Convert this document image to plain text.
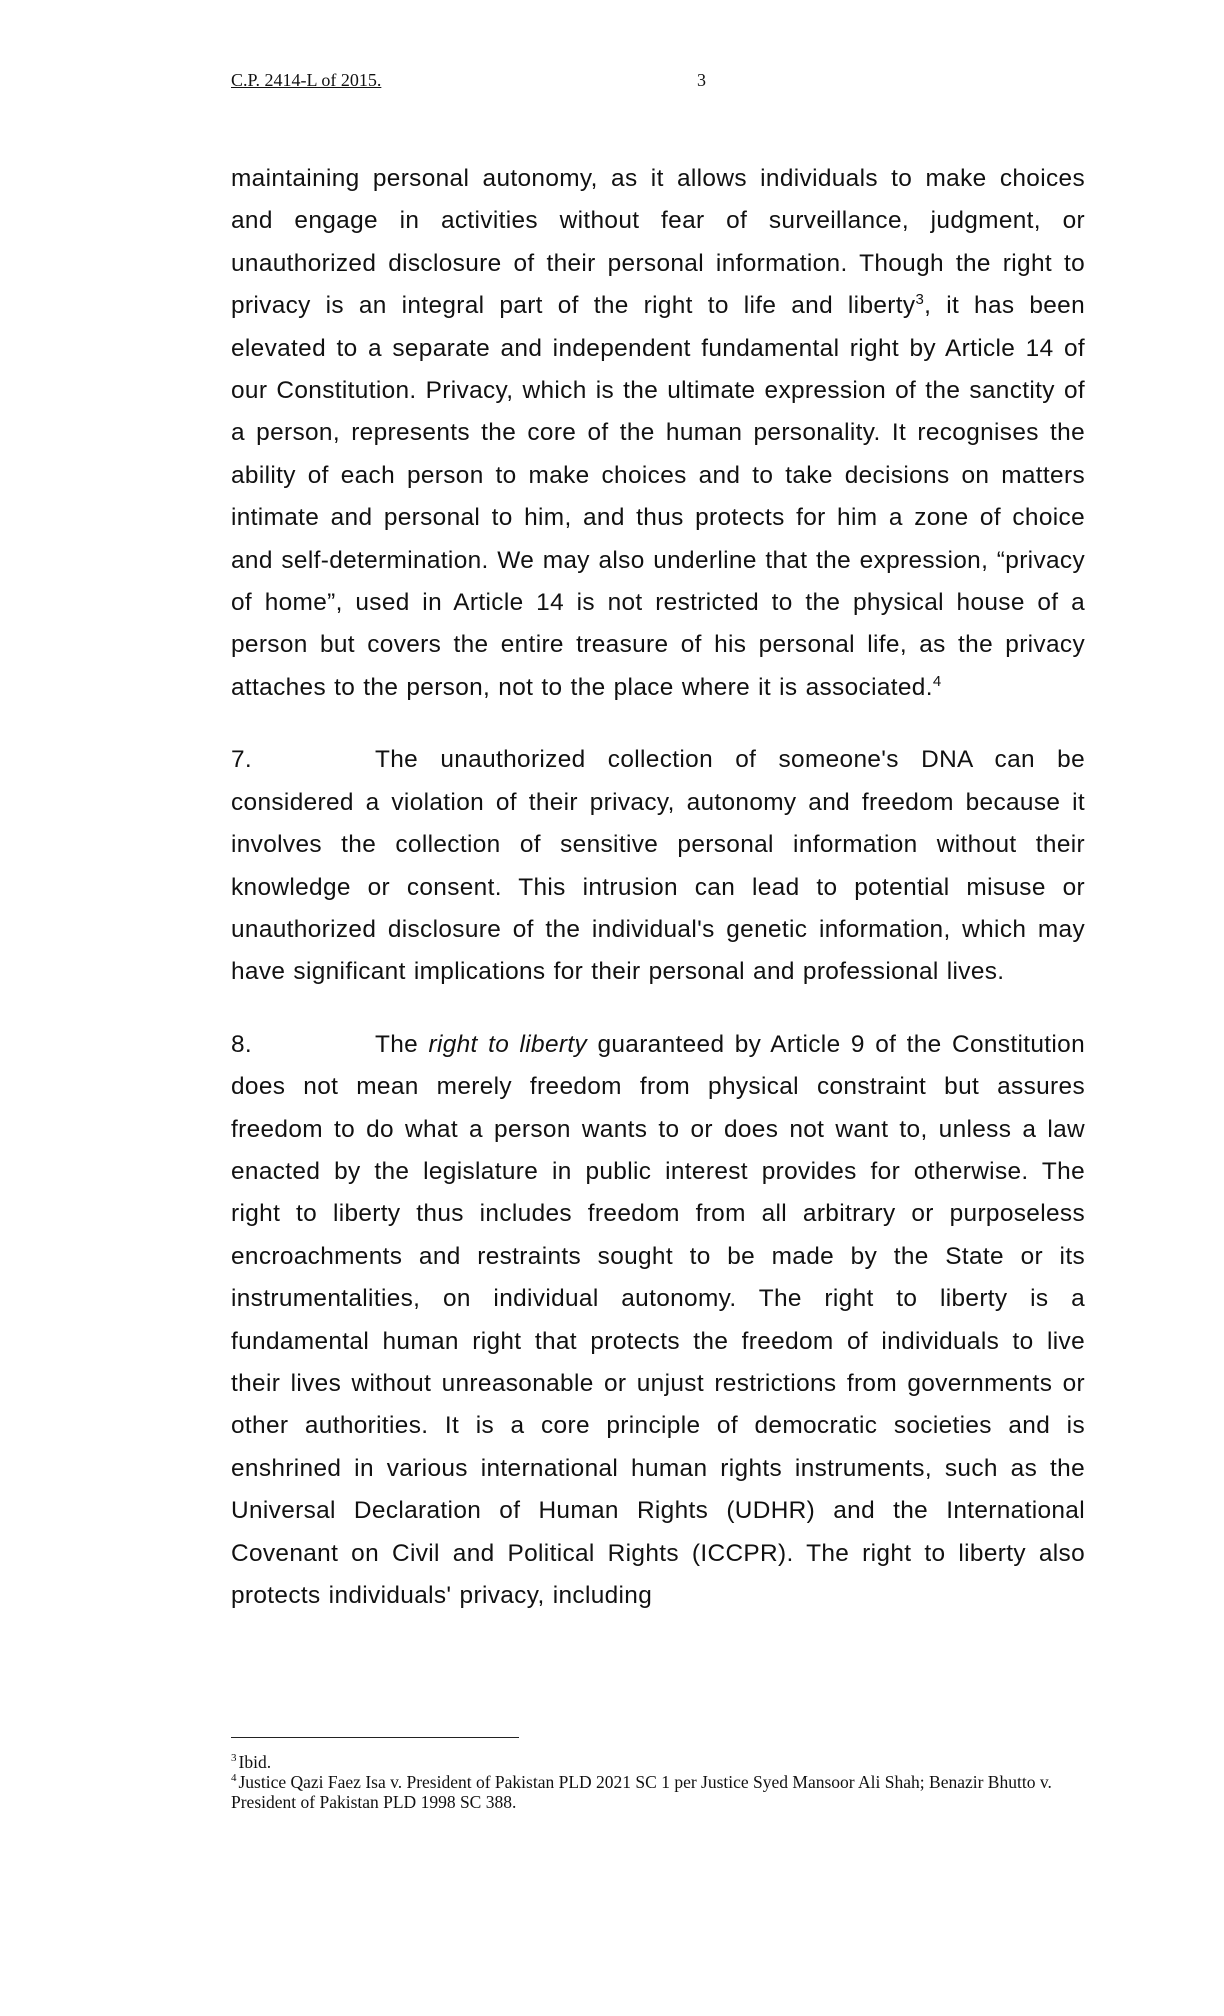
C.P. 2414-L of 2015.	3

maintaining personal autonomy, as it allows individuals to make choices and engage in activities without fear of surveillance, judgment, or unauthorized disclosure of their personal information. Though the right to privacy is an integral part of the right to life and liberty$^3$, it has been elevated to a separate and independent fundamental right by Article 14 of our Constitution. Privacy, which is the ultimate expression of the sanctity of a person, represents the core of the human personality. It recognises the ability of each person to make choices and to take decisions on matters intimate and personal to him, and thus protects for him a zone of choice and self-determination. We may also underline that the expression, “privacy of home”, used in Article 14 is not restricted to the physical house of a person but covers the entire treasure of his personal life, as the privacy attaches to the person, not to the place where it is associated.$^4$

7.	The unauthorized collection of someone's DNA can be considered a violation of their privacy, autonomy and freedom because it involves the collection of sensitive personal information without their knowledge or consent. This intrusion can lead to potential misuse or unauthorized disclosure of the individual's genetic information, which may have significant implications for their personal and professional lives.

8.	The right to liberty guaranteed by Article 9 of the Constitution does not mean merely freedom from physical constraint but assures freedom to do what a person wants to or does not want to, unless a law enacted by the legislature in public interest provides for otherwise. The right to liberty thus includes freedom from all arbitrary or purposeless encroachments and restraints sought to be made by the State or its instrumentalities, on individual autonomy. The right to liberty is a fundamental human right that protects the freedom of individuals to live their lives without unreasonable or unjust restrictions from governments or other authorities. It is a core principle of democratic societies and is enshrined in various international human rights instruments, such as the Universal Declaration of Human Rights (UDHR) and the International Covenant on Civil and Political Rights (ICCPR). The right to liberty also protects individuals' privacy, including

$^3$ Ibid.

$^4$ Justice Qazi Faez Isa v. President of Pakistan PLD 2021 SC 1 per Justice Syed Mansoor Ali Shah; Benazir Bhutto v. President of Pakistan PLD 1998 SC 388.
